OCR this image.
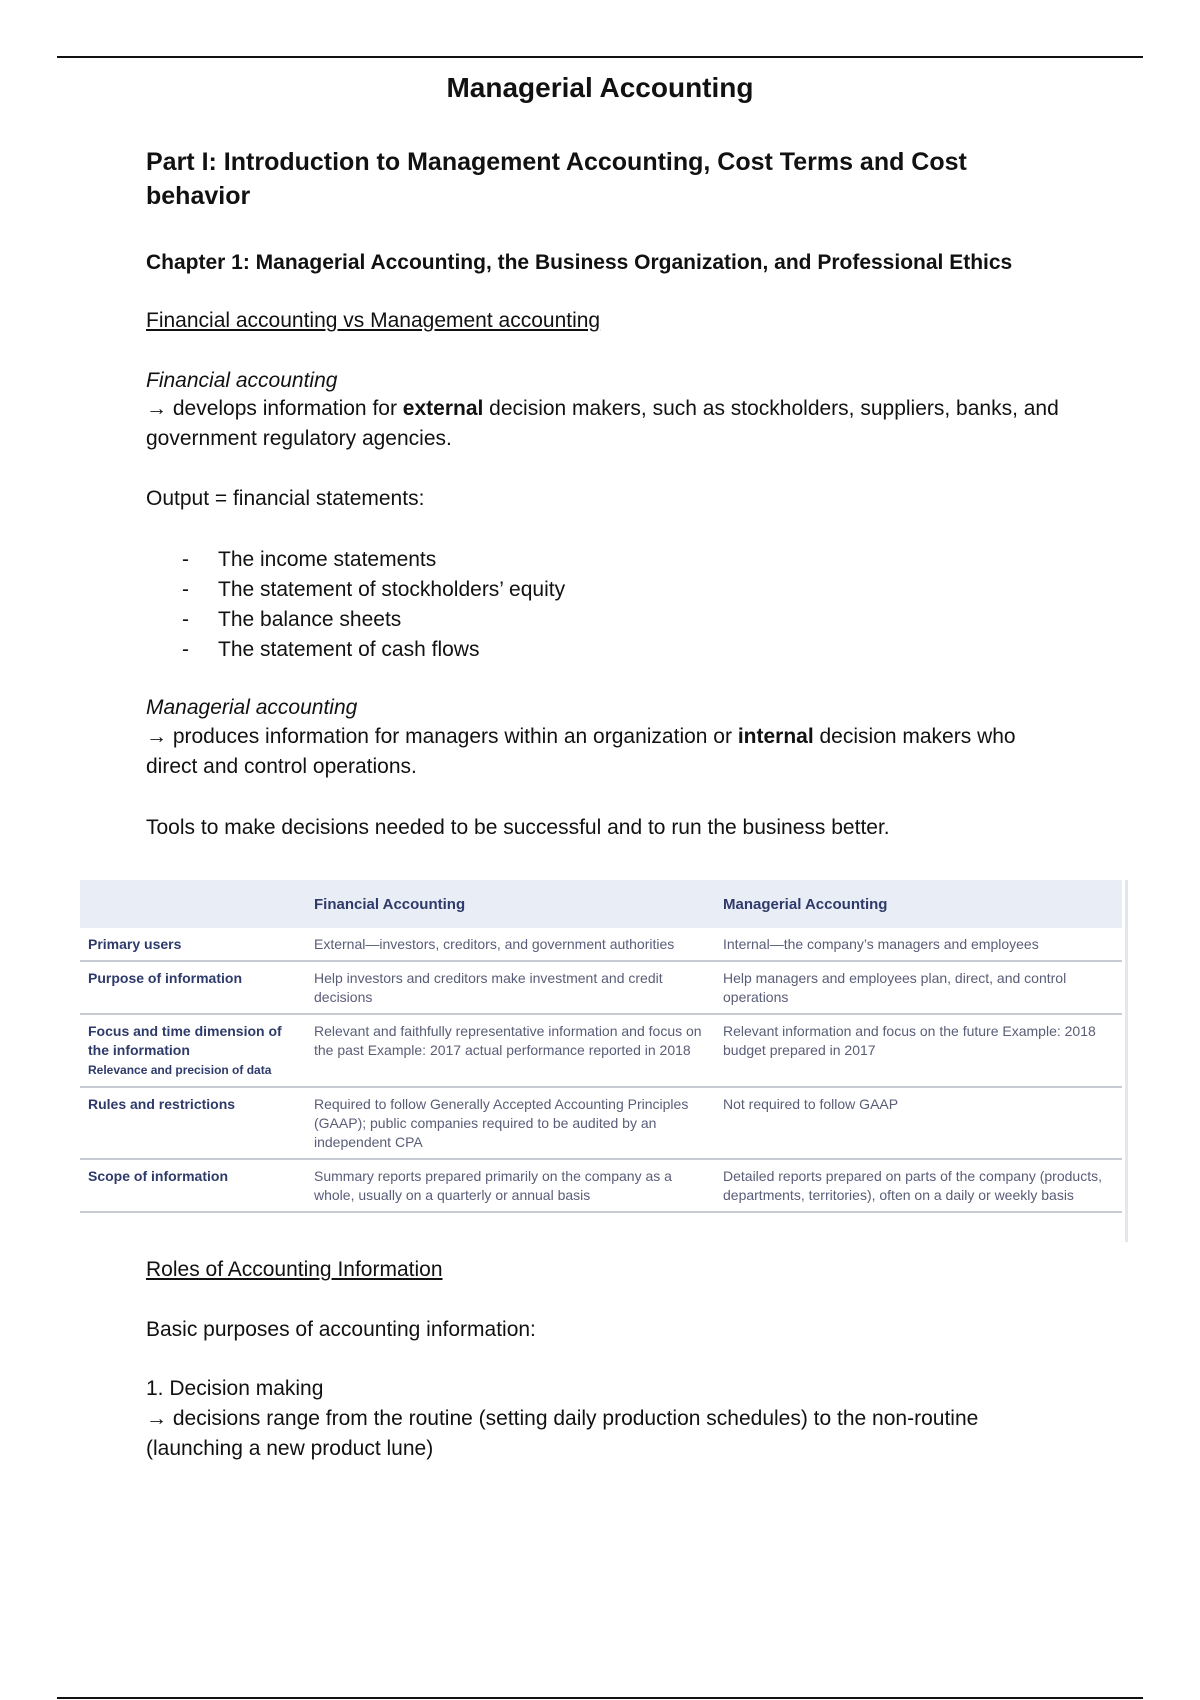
Managerial Accounting
Part I: Introduction to Management Accounting, Cost Terms and Cost behavior
Chapter 1: Managerial Accounting, the Business Organization, and Professional Ethics
Financial accounting vs Management accounting
Financial accounting
→ develops information for external decision makers, such as stockholders, suppliers, banks, and government regulatory agencies.
Output = financial statements:
-	The income statements
-	The statement of stockholders’ equity
-	The balance sheets
-	The statement of cash flows
Managerial accounting
→ produces information for managers within an organization or internal decision makers who direct and control operations.
Tools to make decisions needed to be successful and to run the business better.
	Financial Accounting	Managerial Accounting
Primary users	External—investors, creditors, and government authorities	Internal—the company’s managers and employees
Purpose of information	Help investors and creditors make investment and credit decisions	Help managers and employees plan, direct, and control operations
Focus and time dimension of the information
Relevance and precision of data	Relevant and faithfully representative information and focus on the past Example: 2017 actual performance reported in 2018	Relevant information and focus on the future Example: 2018 budget prepared in 2017
Rules and restrictions	Required to follow Generally Accepted Accounting Principles (GAAP); public companies required to be audited by an independent CPA	Not required to follow GAAP
Scope of information	Summary reports prepared primarily on the company as a whole, usually on a quarterly or annual basis	Detailed reports prepared on parts of the company (products, departments, territories), often on a daily or weekly basis
Roles of Accounting Information
Basic purposes of accounting information:
1. Decision making
→ decisions range from the routine (setting daily production schedules) to the non-routine (launching a new product lune)
